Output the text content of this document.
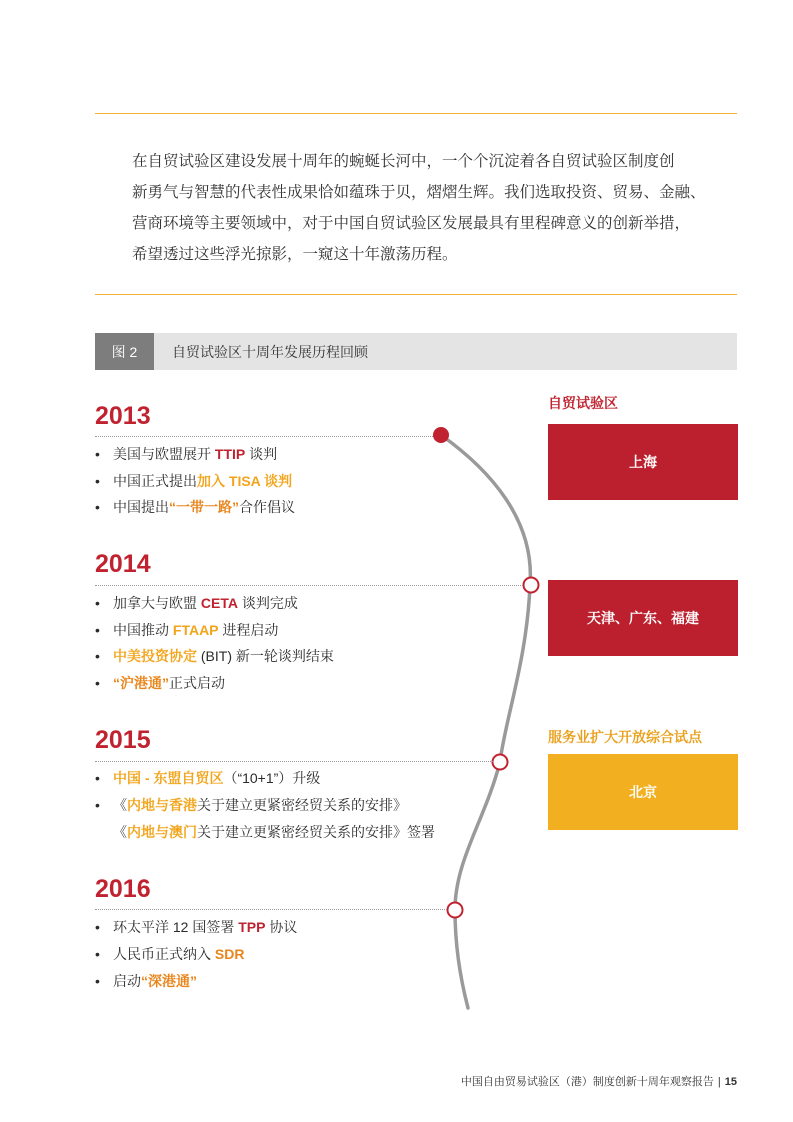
在自贸试验区建设发展十周年的蜿蜒长河中，一个个沉淀着各自贸试验区制度创
新勇气与智慧的代表性成果恰如蕴珠于贝，熠熠生辉。我们选取投资、贸易、金融、
营商环境等主要领域中，对于中国自贸试验区发展最具有里程碑意义的创新举措，
希望透过这些浮光掠影，一窥这十年激荡历程。
图 2	自贸试验区十周年发展历程回顾
2013
• 美国与欧盟展开 TTIP 谈判
• 中国正式提出加入 TISA 谈判
• 中国提出“一带一路”合作倡议
2014
• 加拿大与欧盟 CETA 谈判完成
• 中国推动 FTAAP 进程启动
• 中美投资协定 (BIT) 新一轮谈判结束
• “沪港通”正式启动
2015
• 中国 - 东盟自贸区（“10+1”）升级
• 《内地与香港关于建立更紧密经贸关系的安排》
《内地与澳门关于建立更紧密经贸关系的安排》签署
2016
• 环太平洋 12 国签署 TPP 协议
• 人民币正式纳入 SDR
• 启动“深港通”
自贸试验区
上海
天津、广东、福建
服务业扩大开放综合试点
北京
中国自由贸易试验区（港）制度创新十周年观察报告 | 15
